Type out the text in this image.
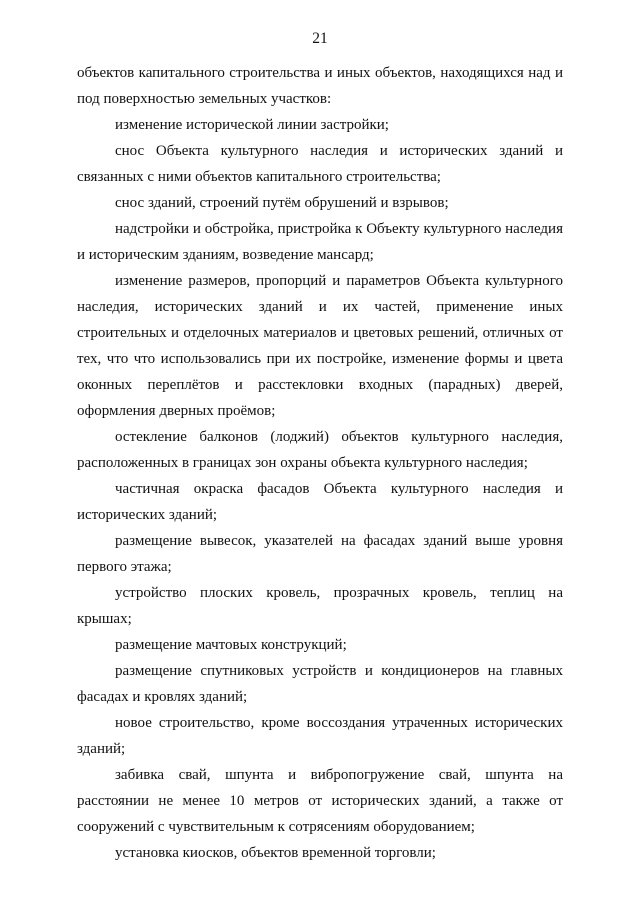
21

объектов капитального строительства и иных объектов, находящихся над и под поверхностью земельных участков:

изменение исторической линии застройки;

снос Объекта культурного наследия и исторических зданий и связанных с ними объектов капитального строительства;

снос зданий, строений путём обрушений и взрывов;

надстройки и обстройка, пристройка к Объекту культурного наследия и историческим зданиям, возведение мансард;

изменение размеров, пропорций и параметров Объекта культурного наследия, исторических зданий и их частей, применение иных строительных и отделочных материалов и цветовых решений, отличных от тех, что что использовались при их постройке, изменение формы и цвета оконных переплётов и расстекловки входных (парадных) дверей, оформления дверных проёмов;

остекление балконов (лоджий) объектов культурного наследия, расположенных в границах зон охраны объекта культурного наследия;

частичная окраска фасадов Объекта культурного наследия и исторических зданий;

размещение вывесок, указателей на фасадах зданий выше уровня первого этажа;

устройство плоских кровель, прозрачных кровель, теплиц на крышах;

размещение мачтовых конструкций;

размещение спутниковых устройств и кондиционеров на главных фасадах и кровлях зданий;

новое строительство, кроме воссоздания утраченных исторических зданий;

забивка свай, шпунта и вибропогружение свай, шпунта на расстоянии не менее 10 метров от исторических зданий, а также от сооружений с чувствительным к сотрясениям оборудованием;

установка киосков, объектов временной торговли;
